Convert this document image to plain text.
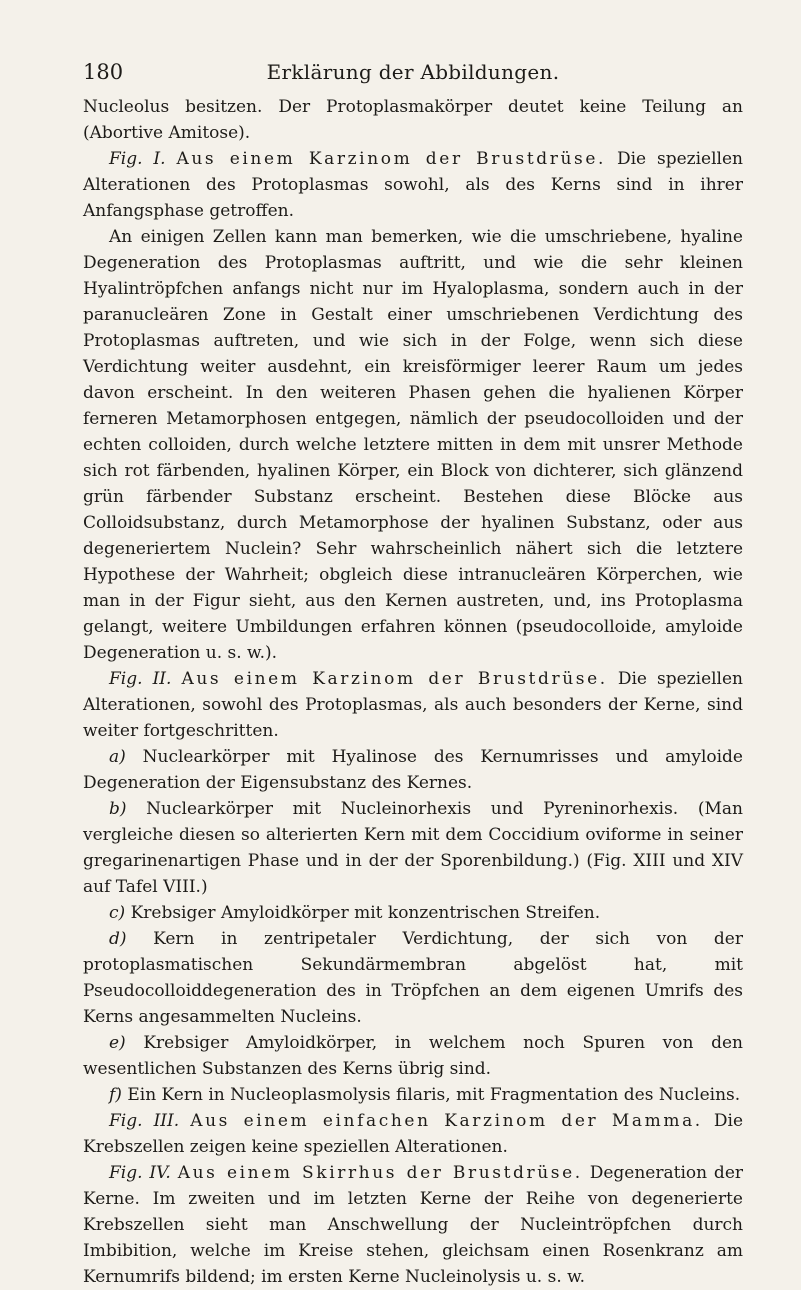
180	Erklärung der Abbildungen.

Nucleolus besitzen. Der Protoplasmakörper deutet keine Teilung an (Abortive Amitose).

Fig. I. Aus einem Karzinom der Brustdrüse. Die speziellen Alterationen des Protoplasmas sowohl, als des Kerns sind in ihrer Anfangsphase getroffen.

An einigen Zellen kann man bemerken, wie die umschriebene, hyaline Degeneration des Protoplasmas auftritt, und wie die sehr kleinen Hyalintröpfchen anfangs nicht nur im Hyaloplasma, sondern auch in der paranucleären Zone in Gestalt einer umschriebenen Verdichtung des Protoplasmas auftreten, und wie sich in der Folge, wenn sich diese Verdichtung weiter ausdehnt, ein kreisförmiger leerer Raum um jedes davon erscheint. In den weiteren Phasen gehen die hyalienen Körper ferneren Metamorphosen entgegen, nämlich der pseudocolloiden und der echten colloiden, durch welche letztere mitten in dem mit unsrer Methode sich rot färbenden, hyalinen Körper, ein Block von dichterer, sich glänzend grün färbender Substanz erscheint. Bestehen diese Blöcke aus Colloidsubstanz, durch Metamorphose der hyalinen Substanz, oder aus degeneriertem Nuclein? Sehr wahrscheinlich nähert sich die letztere Hypothese der Wahrheit; obgleich diese intranucleären Körperchen, wie man in der Figur sieht, aus den Kernen austreten, und, ins Protoplasma gelangt, weitere Umbildungen erfahren können (pseudocolloide, amyloide Degeneration u. s. w.).

Fig. II. Aus einem Karzinom der Brustdrüse. Die speziellen Alterationen, sowohl des Protoplasmas, als auch besonders der Kerne, sind weiter fortgeschritten.

a) Nuclearkörper mit Hyalinose des Kernumrisses und amyloide Degeneration der Eigensubstanz des Kernes.

b) Nuclearkörper mit Nucleinorhexis und Pyreninorhexis. (Man vergleiche diesen so alterierten Kern mit dem Coccidium oviforme in seiner gregarinenartigen Phase und in der der Sporenbildung.) (Fig. XIII und XIV auf Tafel VIII.)

c) Krebsiger Amyloidkörper mit konzentrischen Streifen.

d) Kern in zentripetaler Verdichtung, der sich von der protoplasmatischen Sekundärmembran abgelöst hat, mit Pseudocolloiddegeneration des in Tröpfchen an dem eigenen Umrifs des Kerns angesammelten Nucleins.

e) Krebsiger Amyloidkörper, in welchem noch Spuren von den wesentlichen Substanzen des Kerns übrig sind.

f) Ein Kern in Nucleoplasmolysis filaris, mit Fragmentation des Nucleins.

Fig. III. Aus einem einfachen Karzinom der Mamma. Die Krebszellen zeigen keine speziellen Alterationen.

Fig. IV. Aus einem Skirrhus der Brustdrüse. Degeneration der Kerne. Im zweiten und im letzten Kerne der Reihe von degenerierte Krebszellen sieht man Anschwellung der Nucleintröpfchen durch Imbibition, welche im Kreise stehen, gleichsam einen Rosenkranz am Kernumrifs bildend; im ersten Kerne Nucleinolysis u. s. w.
